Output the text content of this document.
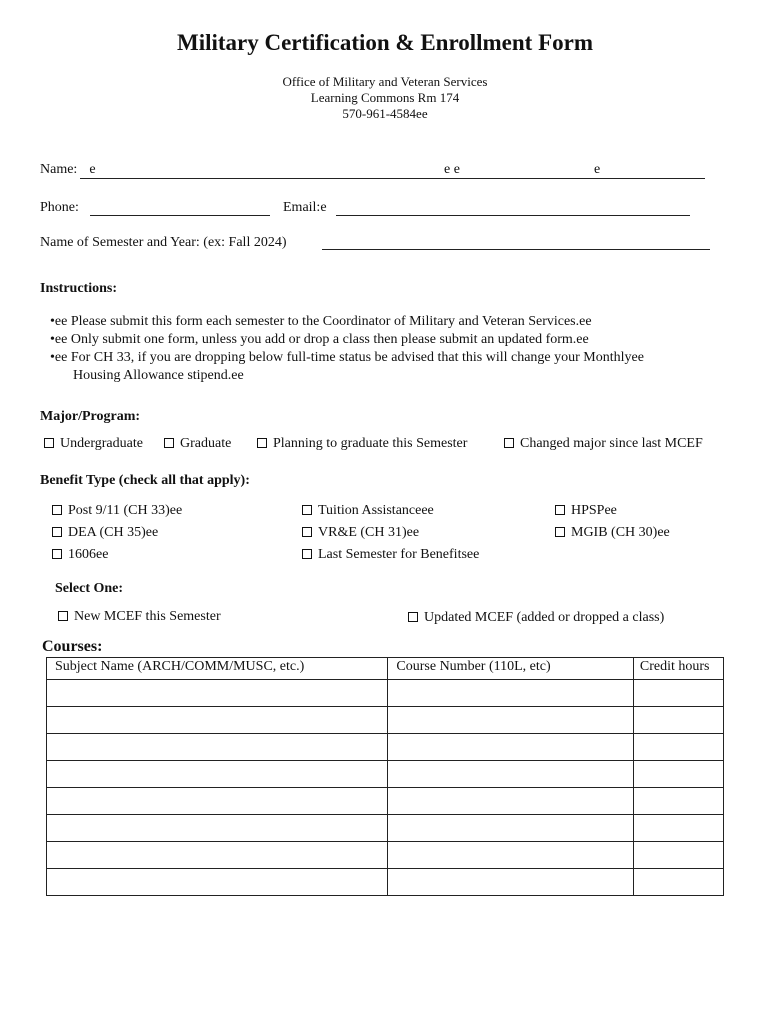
Military Certification & Enrollment Form
Office of Military and Veteran Services
Learning Commons Rm 174
570-961-4584ee
Name: e	e e	e
Phone:	Email:e
Name of Semester and Year: (ex: Fall 2024)
Instructions:
•ee Please submit this form each semester to the Coordinator of Military and Veteran Services.ee
•ee Only submit one form, unless you add or drop a class then please submit an updated form.ee
•ee For CH 33, if you are dropping below full-time status be advised that this will change your Monthlyee
Housing Allowance stipend.ee
Major/Program:
Undergraduate	Graduate	Planning to graduate this Semester	Changed major since last MCEF
Benefit Type (check all that apply):
Post 9/11 (CH 33)ee
DEA (CH 35)ee
1606ee
Tuition Assistanceee
VR&E (CH 31)ee
Last Semester for Benefitsee
HPSPee
MGIB (CH 30)ee
Select One:
New MCEF this Semester	Updated MCEF (added or dropped a class)
Courses:
Subject Name (ARCH/COMM/MUSC, etc.)	Course Number (110L, etc)	Credit hours
